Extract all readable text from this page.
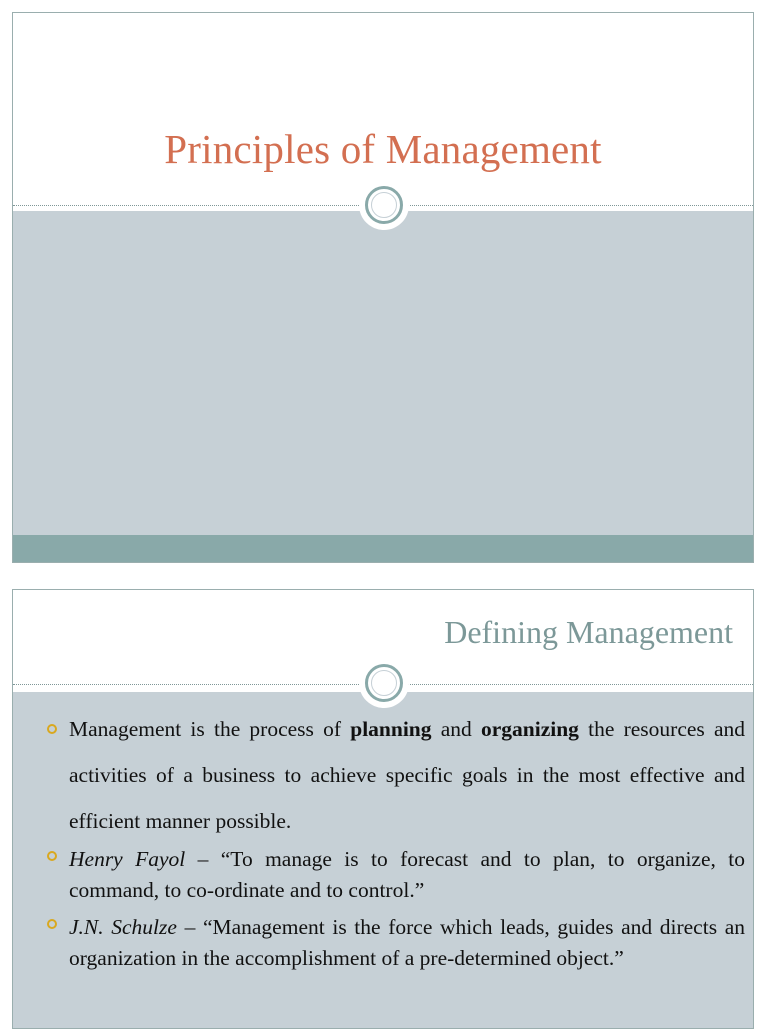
Principles of Management
Defining Management
Management is the process of planning and organizing the resources and activities of a business to achieve specific goals in the most effective and efficient manner possible.
Henry Fayol – “To manage is to forecast and to plan, to organize, to command, to co-ordinate and to control.”
J.N. Schulze – “Management is the force which leads, guides and directs an organization in the accomplishment of a pre-determined object.”
